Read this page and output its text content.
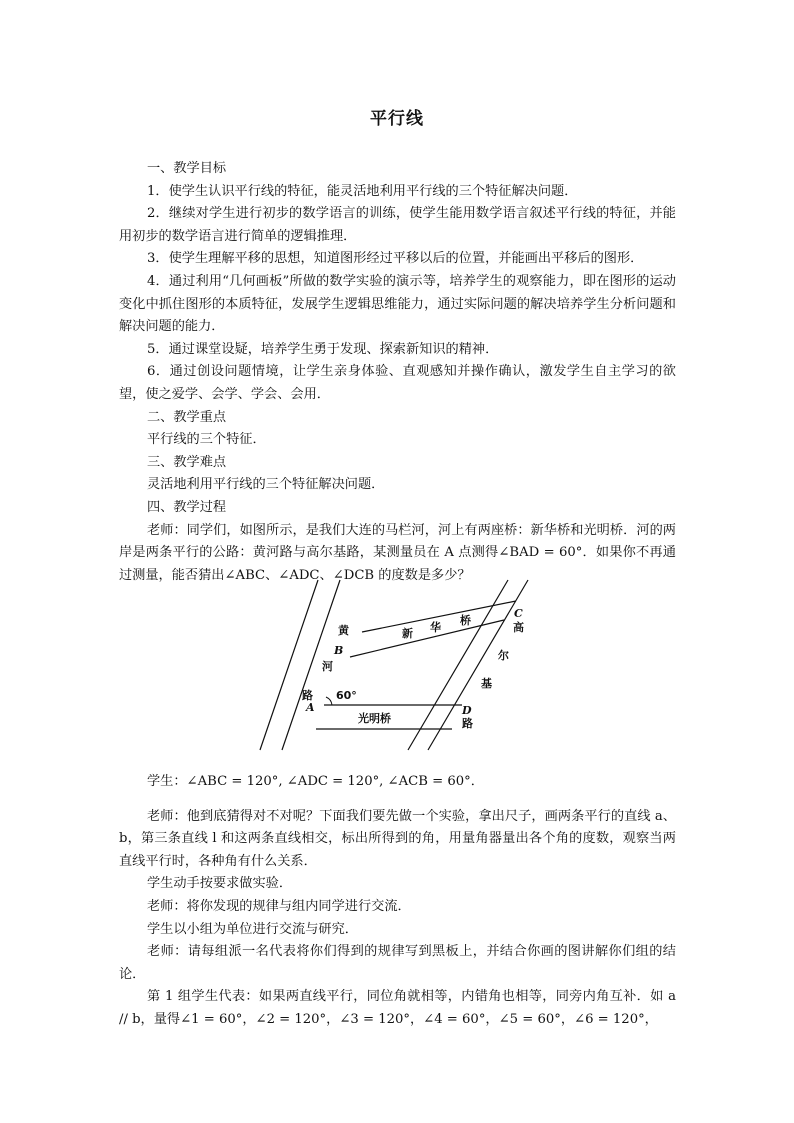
平行线

一、教学目标

1．使学生认识平行线的特征，能灵活地利用平行线的三个特征解决问题．

2．继续对学生进行初步的数学语言的训练，使学生能用数学语言叙述平行线的特征，并能用初步的数学语言进行简单的逻辑推理．

3．使学生理解平移的思想，知道图形经过平移以后的位置，并能画出平移后的图形．

4．通过利用“几何画板”所做的数学实验的演示等，培养学生的观察能力，即在图形的运动变化中抓住图形的本质特征，发展学生逻辑思维能力，通过实际问题的解决培养学生分析问题和解决问题的能力．

5．通过课堂设疑，培养学生勇于发现、探索新知识的精神．

6．通过创设问题情境，让学生亲身体验、直观感知并操作确认，激发学生自主学习的欲望，使之爱学、会学、学会、会用．

二、教学重点

平行线的三个特征．

三、教学难点

灵活地利用平行线的三个特征解决问题．

四、教学过程

老师：同学们，如图所示，是我们大连的马栏河，河上有两座桥：新华桥和光明桥．河的两岸是两条平行的公路：黄河路与高尔基路，某测量员在 A 点测得∠BAD = 60°．如果你不再通过测量，能否猜出∠ABC、∠ADC、∠DCB 的度数是多少？

黄
河
路
高
尔
基
路
新 华
桥
光明桥
A
B
C
D
60°

学生：∠ABC = 120°, ∠ADC = 120°, ∠ACB = 60°．

老师：他到底猜得对不对呢？下面我们要先做一个实验，拿出尺子，画两条平行的直线 a、b，第三条直线 l 和这两条直线相交，标出所得到的角，用量角器量出各个角的度数，观察当两直线平行时，各种角有什么关系．

学生动手按要求做实验．

老师：将你发现的规律与组内同学进行交流．

学生以小组为单位进行交流与研究．

老师：请每组派一名代表将你们得到的规律写到黑板上，并结合你画的图讲解你们组的结论．

第 1 组学生代表：如果两直线平行，同位角就相等，内错角也相等，同旁内角互补．如 a // b，量得∠1 = 60°，∠2 = 120°，∠3 = 120°，∠4 = 60°，∠5 = 60°，∠6 = 120°，
